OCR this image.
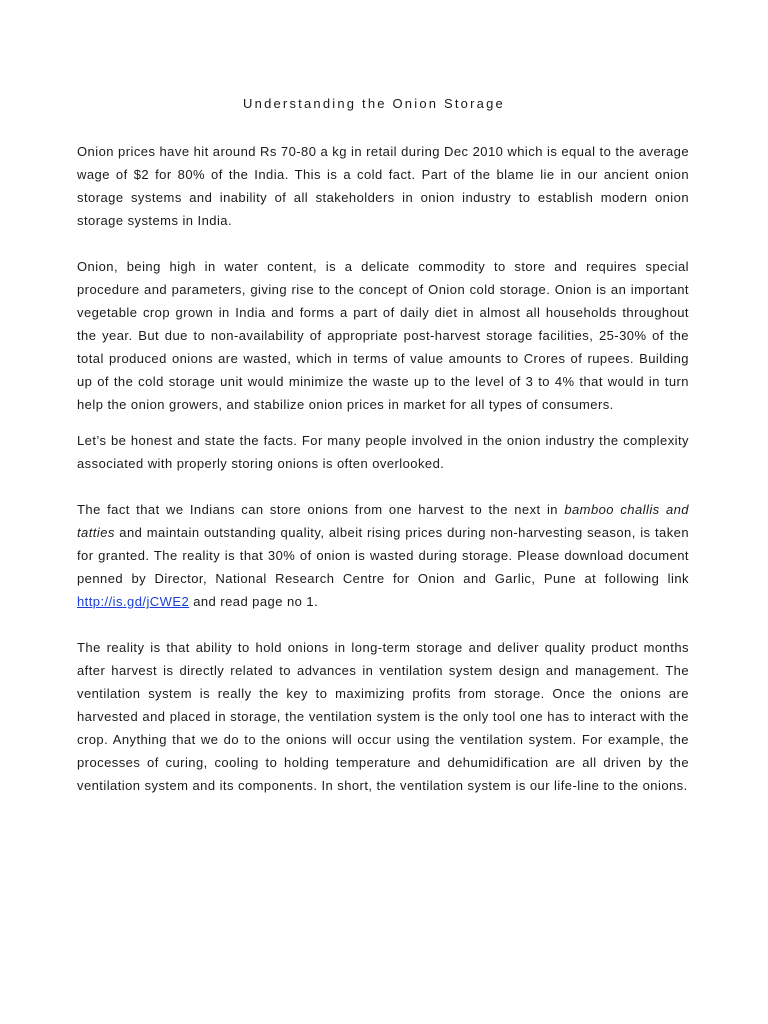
Understanding the Onion Storage

Onion prices have hit around Rs 70-80 a kg in retail during Dec 2010 which is equal to the average wage of $2 for 80% of the India. This is a cold fact. Part of the blame lie in our ancient onion storage systems and inability of all stakeholders in onion industry to establish modern onion storage systems in India.

Onion, being high in water content, is a delicate commodity to store and requires special procedure and parameters, giving rise to the concept of Onion cold storage. Onion is an important vegetable crop grown in India and forms a part of daily diet in almost all households throughout the year. But due to non-availability of appropriate post-harvest storage facilities, 25-30% of the total produced onions are wasted, which in terms of value amounts to Crores of rupees. Building up of the cold storage unit would minimize the waste up to the level of 3 to 4% that would in turn help the onion growers, and stabilize onion prices in market for all types of consumers.

Let’s be honest and state the facts. For many people involved in the onion industry the complexity associated with properly storing onions is often overlooked.

The fact that we Indians can store onions from one harvest to the next in bamboo challis and tatties and maintain outstanding quality, albeit rising prices during non-harvesting season, is taken for granted. The reality is that 30% of onion is wasted during storage. Please download document penned by Director, National Research Centre for Onion and Garlic, Pune at following link http://is.gd/jCWE2 and read page no 1.

The reality is that ability to hold onions in long-term storage and deliver quality product months after harvest is directly related to advances in ventilation system design and management. The ventilation system is really the key to maximizing profits from storage. Once the onions are harvested and placed in storage, the ventilation system is the only tool one has to interact with the crop. Anything that we do to the onions will occur using the ventilation system. For example, the processes of curing, cooling to holding temperature and dehumidification are all driven by the ventilation system and its components. In short, the ventilation system is our life-line to the onions.
